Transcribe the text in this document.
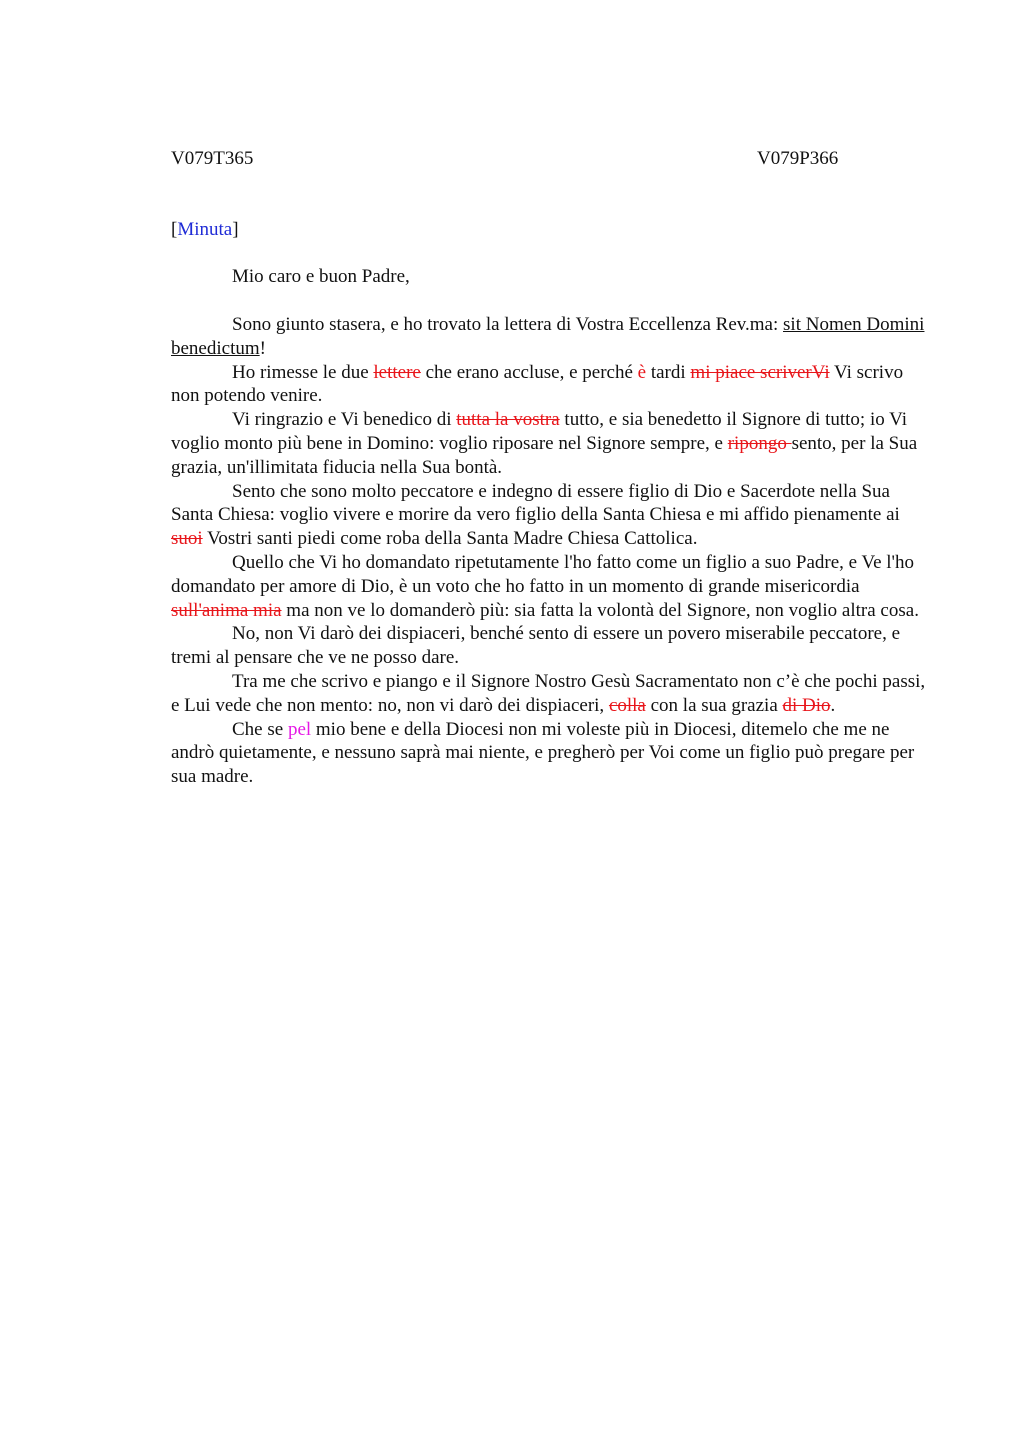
V079T365	V079P366
[Minuta]
Mio caro e buon Padre,

Sono giunto stasera, e ho trovato la lettera di Vostra Eccellenza Rev.ma: sit Nomen Domini benedictum!

Ho rimesse le due lettere che erano accluse, e perché è tardi mi piace scriverVi Vi scrivo non potendo venire.

Vi ringrazio e Vi benedico di tutta la vostra tutto, e sia benedetto il Signore di tutto; io Vi voglio monto più bene in Domino: voglio riposare nel Signore sempre, e ripongo sento, per la Sua grazia, un'illimitata fiducia nella Sua bontà.

Sento che sono molto peccatore e indegno di essere figlio di Dio e Sacerdote nella Sua Santa Chiesa: voglio vivere e morire da vero figlio della Santa Chiesa e mi affido pienamente ai suoi Vostri santi piedi come roba della Santa Madre Chiesa Cattolica.

Quello che Vi ho domandato ripetutamente l'ho fatto come un figlio a suo Padre, e Ve l'ho domandato per amore di Dio, è un voto che ho fatto in un momento di grande misericordia sull'anima mia ma non ve lo domanderò più: sia fatta la volontà del Signore, non voglio altra cosa.

No, non Vi darò dei dispiaceri, benché sento di essere un povero miserabile peccatore, e tremi al pensare che ve ne posso dare.

Tra me che scrivo e piango e il Signore Nostro Gesù Sacramentato non c’è che pochi passi, e Lui vede che non mento: no, non vi darò dei dispiaceri, colla con la sua grazia di Dio.

Che se pel mio bene e della Diocesi non mi voleste più in Diocesi, ditemelo che me ne andrò quietamente, e nessuno saprà mai niente, e pregherò per Voi come un figlio può pregare per sua madre.
